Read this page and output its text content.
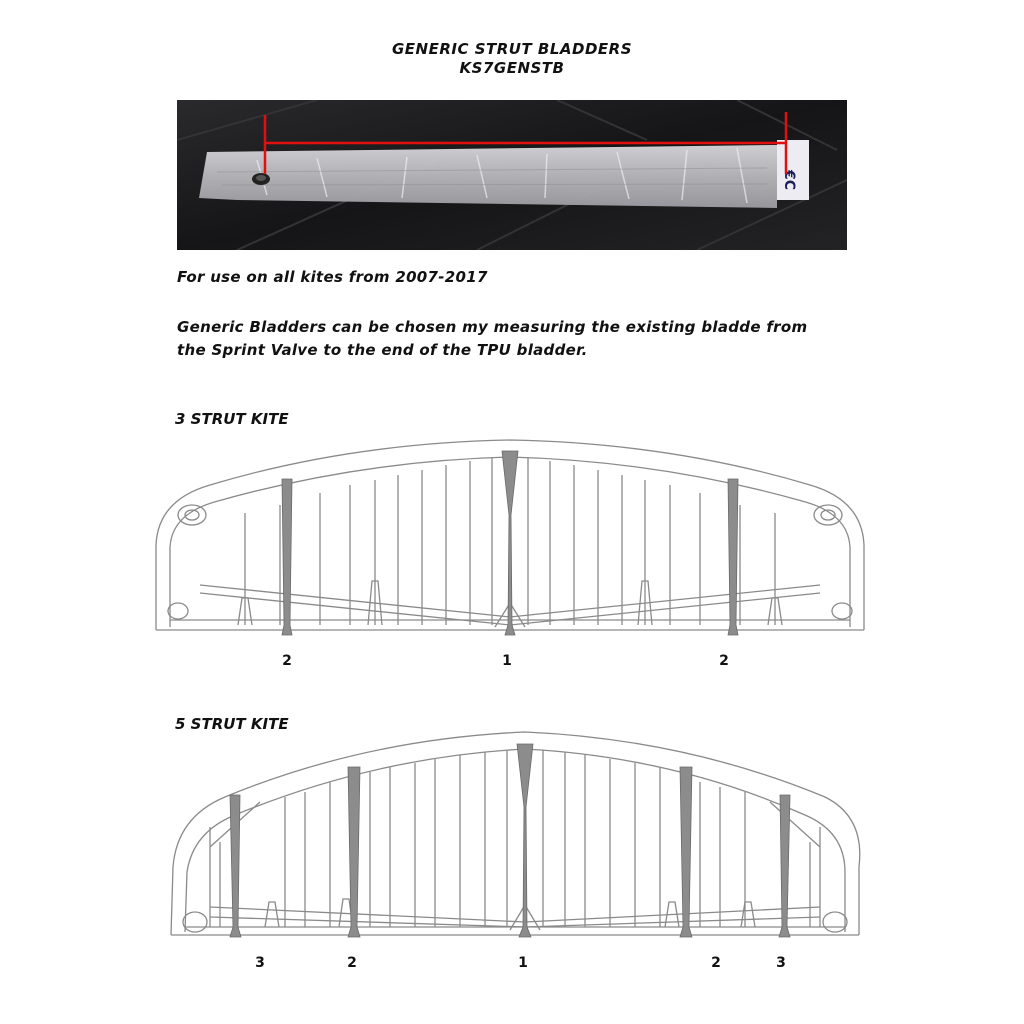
GENERIC STRUT BLADDERS
KS7GENSTB
€C
For use on all kites from 2007-2017
Generic Bladders can be chosen my measuring the existing bladde from
the Sprint Valve to the end of the TPU bladder.
3 STRUT KITE
2	1	2
5 STRUT KITE
3	2	1	2	3
